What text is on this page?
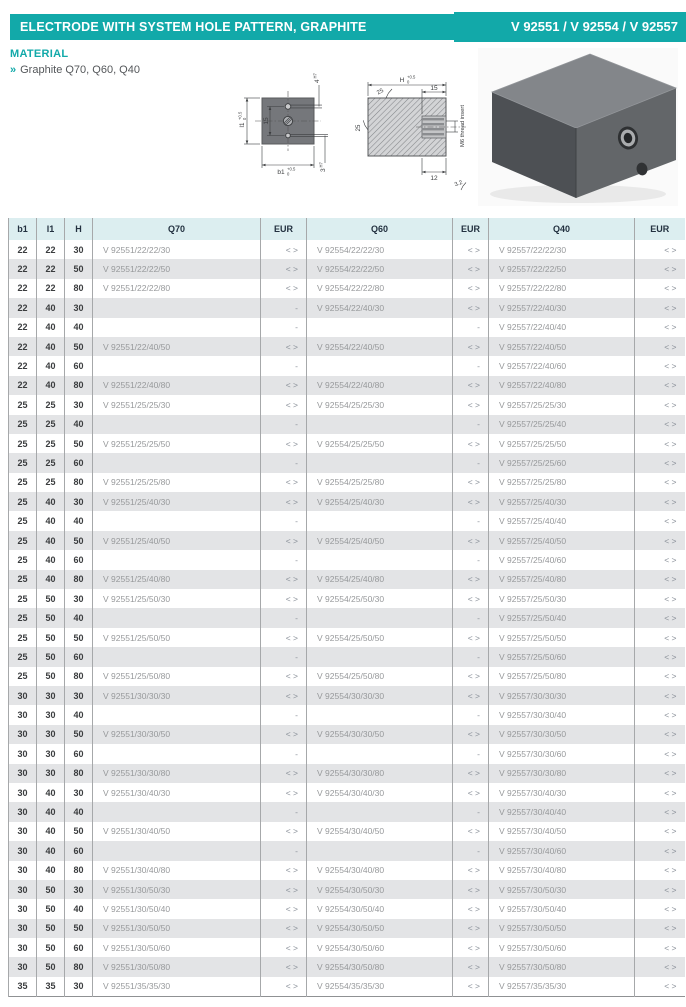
ELECTRODE WITH SYSTEM HOLE PATTERN, GRAPHITE	V 92551 / V 92554 / V 92557
MATERIAL
» Graphite Q70, Q60, Q40
4
H7
3
H7
15
l1
+0.5 0
b1 +0.5
0
H +0.5
0
15
25
25	M6 thread insert
12
3.2
b1	l1	H	Q70	EUR	Q60	EUR	Q40	EUR
22	22	30	V 92551/22/22/30	< >	V 92554/22/22/30	< >	V 92557/22/22/30	< >
22	22	50	V 92551/22/22/50	< >	V 92554/22/22/50	< >	V 92557/22/22/50	< >
22	22	80	V 92551/22/22/80	< >	V 92554/22/22/80	< >	V 92557/22/22/80	< >
22	40	30		-	V 92554/22/40/30	< >	V 92557/22/40/30	< >
22	40	40		-		-	V 92557/22/40/40	< >
22	40	50	V 92551/22/40/50	< >	V 92554/22/40/50	< >	V 92557/22/40/50	< >
22	40	60		-		-	V 92557/22/40/60	< >
22	40	80	V 92551/22/40/80	< >	V 92554/22/40/80	< >	V 92557/22/40/80	< >
25	25	30	V 92551/25/25/30	< >	V 92554/25/25/30	< >	V 92557/25/25/30	< >
25	25	40		-		-	V 92557/25/25/40	< >
25	25	50	V 92551/25/25/50	< >	V 92554/25/25/50	< >	V 92557/25/25/50	< >
25	25	60		-		-	V 92557/25/25/60	< >
25	25	80	V 92551/25/25/80	< >	V 92554/25/25/80	< >	V 92557/25/25/80	< >
25	40	30	V 92551/25/40/30	< >	V 92554/25/40/30	< >	V 92557/25/40/30	< >
25	40	40		-		-	V 92557/25/40/40	< >
25	40	50	V 92551/25/40/50	< >	V 92554/25/40/50	< >	V 92557/25/40/50	< >
25	40	60		-		-	V 92557/25/40/60	< >
25	40	80	V 92551/25/40/80	< >	V 92554/25/40/80	< >	V 92557/25/40/80	< >
25	50	30	V 92551/25/50/30	< >	V 92554/25/50/30	< >	V 92557/25/50/30	< >
25	50	40		-		-	V 92557/25/50/40	< >
25	50	50	V 92551/25/50/50	< >	V 92554/25/50/50	< >	V 92557/25/50/50	< >
25	50	60		-		-	V 92557/25/50/60	< >
25	50	80	V 92551/25/50/80	< >	V 92554/25/50/80	< >	V 92557/25/50/80	< >
30	30	30	V 92551/30/30/30	< >	V 92554/30/30/30	< >	V 92557/30/30/30	< >
30	30	40		-		-	V 92557/30/30/40	< >
30	30	50	V 92551/30/30/50	< >	V 92554/30/30/50	< >	V 92557/30/30/50	< >
30	30	60		-		-	V 92557/30/30/60	< >
30	30	80	V 92551/30/30/80	< >	V 92554/30/30/80	< >	V 92557/30/30/80	< >
30	40	30	V 92551/30/40/30	< >	V 92554/30/40/30	< >	V 92557/30/40/30	< >
30	40	40		-		-	V 92557/30/40/40	< >
30	40	50	V 92551/30/40/50	< >	V 92554/30/40/50	< >	V 92557/30/40/50	< >
30	40	60		-		-	V 92557/30/40/60	< >
30	40	80	V 92551/30/40/80	< >	V 92554/30/40/80	< >	V 92557/30/40/80	< >
30	50	30	V 92551/30/50/30	< >	V 92554/30/50/30	< >	V 92557/30/50/30	< >
30	50	40	V 92551/30/50/40	< >	V 92554/30/50/40	< >	V 92557/30/50/40	< >
30	50	50	V 92551/30/50/50	< >	V 92554/30/50/50	< >	V 92557/30/50/50	< >
30	50	60	V 92551/30/50/60	< >	V 92554/30/50/60	< >	V 92557/30/50/60	< >
30	50	80	V 92551/30/50/80	< >	V 92554/30/50/80	< >	V 92557/30/50/80	< >
35	35	30	V 92551/35/35/30	< >	V 92554/35/35/30	< >	V 92557/35/35/30	< >
